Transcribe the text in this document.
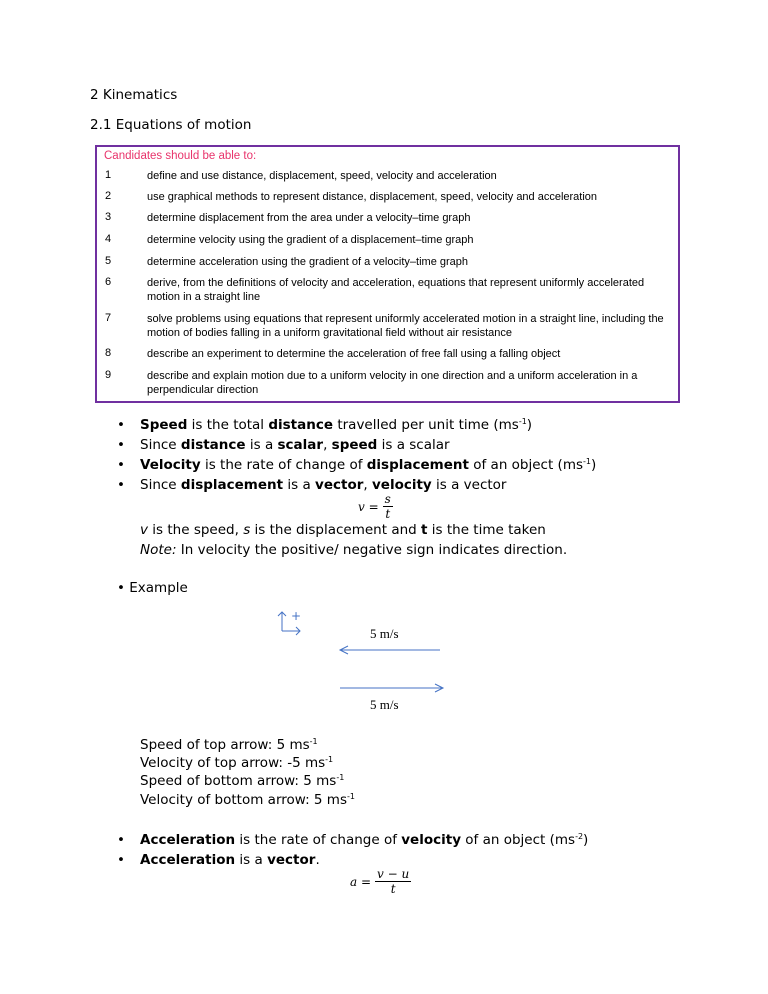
2 Kinematics
2.1 Equations of motion
Candidates should be able to:
1	define and use distance, displacement, speed, velocity and acceleration
2	use graphical methods to represent distance, displacement, speed, velocity and acceleration
3	determine displacement from the area under a velocity–time graph
4	determine velocity using the gradient of a displacement–time graph
5	determine acceleration using the gradient of a velocity–time graph
6	derive, from the definitions of velocity and acceleration, equations that represent uniformly accelerated motion in a straight line
7	solve problems using equations that represent uniformly accelerated motion in a straight line, including the motion of bodies falling in a uniform gravitational field without air resistance
8	describe an experiment to determine the acceleration of free fall using a falling object
9	describe and explain motion due to a uniform velocity in one direction and a uniform acceleration in a perpendicular direction
• Speed is the total distance travelled per unit time $(ms^{-1})$
• Since distance is a scalar, speed is a scalar
• Velocity is the rate of change of displacement of an object $(ms^{-1})$
• Since displacement is a vector, velocity is a vector
$v = \frac{s}{t}$
v is the speed, s is the displacement and t is the time taken
Note: In velocity the positive/ negative sign indicates direction.
• Example
+
5 m/s
5 m/s
Speed of top arrow: 5 $ms^{-1}$
Velocity of top arrow: -5 $ms^{-1}$
Speed of bottom arrow: 5 $ms^{-1}$
Velocity of bottom arrow: 5 $ms^{-1}$
• Acceleration is the rate of change of velocity of an object $(ms^{-2})$
• Acceleration is a vector.
$a = \frac{v - u}{t}$
